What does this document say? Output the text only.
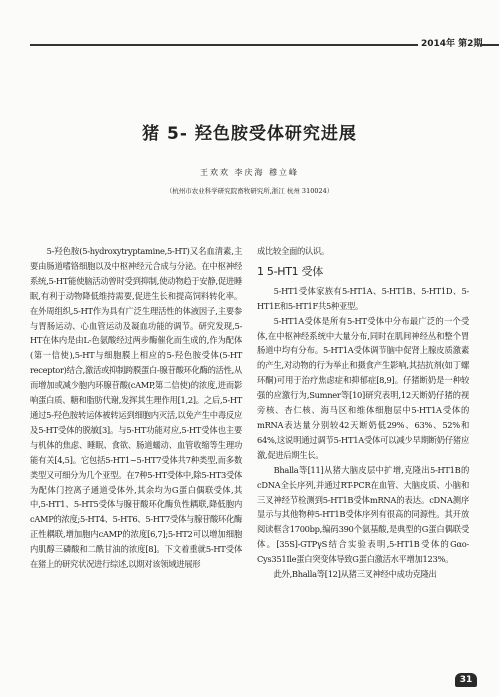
2014年 第2期
猪 5- 羟色胺受体研究进展
王欢欢 李庆海 穆立峰
（杭州市农业科学研究院畜牧研究所,浙江 杭州 310024）

5-羟色胺(5-hydroxytryptamine,5-HT)又名血清素,主要由肠道嗜铬细胞以及中枢神经元合成与分泌。在中枢神经系统,5-HT能使脑活动曾时受到抑制,使动物趋于安静,促进睡眠,有利于动物降低维持需要,促进生长和提高饲料转化率。在外周组织,5-HT作为具有广泛生理活性的体液因子,主要参与胃肠运动、心血管运动及凝血功能的调节。研究发现,5-HT在体内是由L-色氨酸经过两步酶催化而生成的,作为配体(第一信使),5-HT与细胞膜上相应的5-羟色胺受体(5-HT receptor)结合,激活或抑制跨膜蛋白-腺苷酸环化酶的活性,从而增加或减少胞内环腺苷酸(cAMP,第二信使)的浓度,进而影响蛋白质、糖和脂肪代谢,发挥其生理作用[1,2]。之后,5-HT通过5-羟色胺转运体被转运到细胞内灭活,以免产生中毒反应及5-HT受体的脱敏[3]。与5-HT功能对应,5-HT受体也主要与机体的焦虑、睡眠、食欲、肠道蠕动、血管收缩等生理功能有关[4,5]。它包括5-HT1~5-HT7受体共7种类型,而多数类型又可细分为几个亚型。在7种5-HT受体中,除5-HT3受体为配体门控离子通道受体外,其余均为G蛋白偶联受体,其中,5-HT1、5-HT5受体与腺苷酸环化酶负性耦联,降低胞内cAMP的浓度;5-HT4、5-HT6、5-HT7受体与腺苷酸环化酶正性耦联,增加胞内cAMP的浓度[6,7];5-HT2可以增加细胞内肌醇三磷酸和二酰甘油的浓度[8]。下文着重就5-HT受体在猪上的研究状况进行综述,以期对该领域进展形

成比较全面的认识。

1 5-HT1 受体

5-HT1受体家族有5-HT1A、5-HT1B、5-HT1D、5-HT1E和5-HT1F共5种亚型。

5-HT1A受体是所有5-HT受体中分布最广泛的一个受体,在中枢神经系统中大量分布,同时在肌间神经丛和整个胃肠道中均有分布。5-HT1A受体调节脑中促肾上腺皮质激素的产生,对动物的行为举止和摄食产生影响,其拮抗剂(如丁螺环酮)可用于治疗焦虑症和抑郁症[8,9]。仔猪断奶是一种较强的应激行为,Sumner等[10]研究表明,12天断奶仔猪的视旁核、杏仁核、海马区和维体细胞层中5-HT1A受体的mRNA表达量分别较42天断奶低29%、63%、52%和64%,这说明通过调节5-HT1A受体可以减少早期断奶仔猪应激,促进后期生长。

Bhalla等[11]从猪大脑皮层中扩增,克隆出5-HT1B的cDNA全长序列,并通过RT-PCR在血管、大脑皮质、小脑和三叉神经节检测到5-HT1B受体mRNA的表达。cDNA测序显示与其他物种5-HT1B受体序列有很高的同源性。其开放阅读框含1700bp,编码390个氨基酸,是典型的G蛋白偶联受体。[35S]-GTPγS结合实验表明,5-HT1B受体的Gαo-Cys351Ile蛋白突变体导致G蛋白激活水平增加123%。

此外,Bhalla等[12]从猪三叉神经中成功克隆出

31
